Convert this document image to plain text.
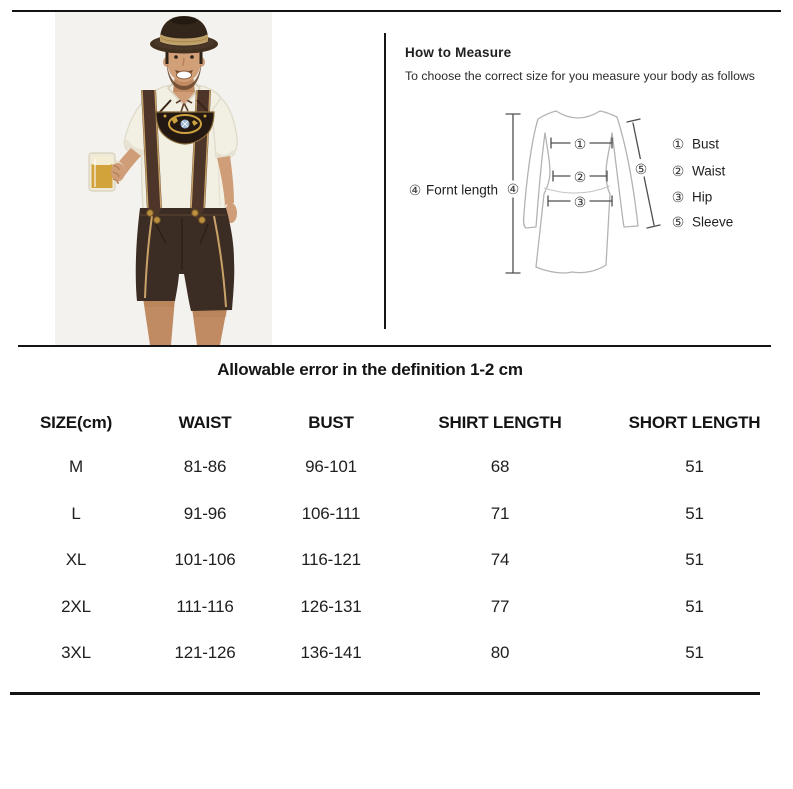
How to Measure
To choose the correct size for you measure your body as follows
①
②
③
④
⑤
④ Fornt length
① Bust
② Waist
③ Hip
⑤ Sleeve
Allowable error in the definition 1-2 cm
SIZE(cm)	WAIST	BUST	SHIRT LENGTH	SHORT LENGTH
M	81-86	96-101	68	51
L	91-96	106-111	71	51
XL	101-106	116-121	74	51
2XL	111-116	126-131	77	51
3XL	121-126	136-141	80	51
